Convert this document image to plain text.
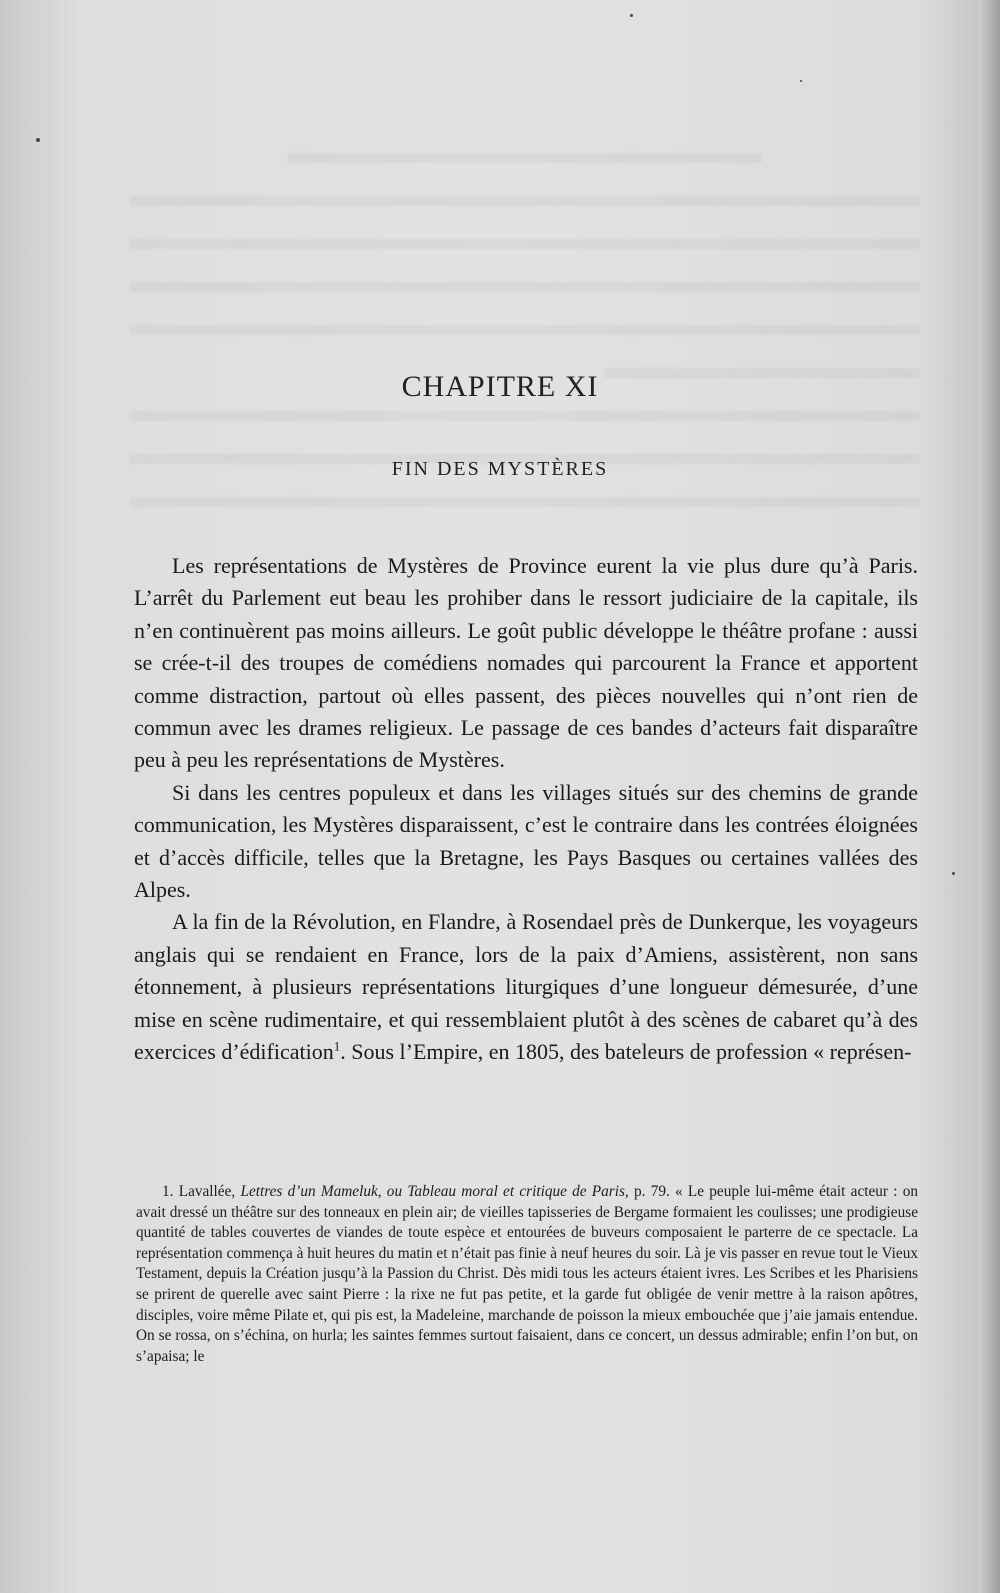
CHAPITRE XI
FIN DES MYSTÈRES

Les représentations de Mystères de Province eurent la vie plus dure qu’à Paris. L’arrêt du Parlement eut beau les prohiber dans le ressort judiciaire de la capitale, ils n’en continuèrent pas moins ailleurs. Le goût public développe le théâtre profane : aussi se crée-t-il des troupes de comédiens nomades qui parcourent la France et apportent comme distraction, partout où elles passent, des pièces nouvelles qui n’ont rien de commun avec les drames religieux. Le passage de ces bandes d’acteurs fait disparaître peu à peu les représentations de Mystères.

Si dans les centres populeux et dans les villages situés sur des chemins de grande communication, les Mystères disparaissent, c’est le contraire dans les contrées éloignées et d’accès difficile, telles que la Bretagne, les Pays Basques ou certaines vallées des Alpes.

A la fin de la Révolution, en Flandre, à Rosendael près de Dunkerque, les voyageurs anglais qui se rendaient en France, lors de la paix d’Amiens, assistèrent, non sans étonnement, à plusieurs représentations liturgiques d’une longueur démesurée, d’une mise en scène rudimentaire, et qui ressemblaient plutôt à des scènes de cabaret qu’à des exercices d’édification$^1$. Sous l’Empire, en 1805, des bateleurs de profession « représen-

1. Lavallée, Lettres d’un Mameluk, ou Tableau moral et critique de Paris, p. 79. « Le peuple lui-même était acteur : on avait dressé un théâtre sur des tonneaux en plein air; de vieilles tapisseries de Bergame formaient les coulisses; une prodigieuse quantité de tables couvertes de viandes de toute espèce et entourées de buveurs composaient le parterre de ce spectacle. La représentation commença à huit heures du matin et n’était pas finie à neuf heures du soir. Là je vis passer en revue tout le Vieux Testament, depuis la Création jusqu’à la Passion du Christ. Dès midi tous les acteurs étaient ivres. Les Scribes et les Pharisiens se prirent de querelle avec saint Pierre : la rixe ne fut pas petite, et la garde fut obligée de venir mettre à la raison apôtres, disciples, voire même Pilate et, qui pis est, la Madeleine, marchande de poisson la mieux embouchée que j’aie jamais entendue. On se rossa, on s’échina, on hurla; les saintes femmes surtout faisaient, dans ce concert, un dessus admirable; enfin l’on but, on s’apaisa; le
